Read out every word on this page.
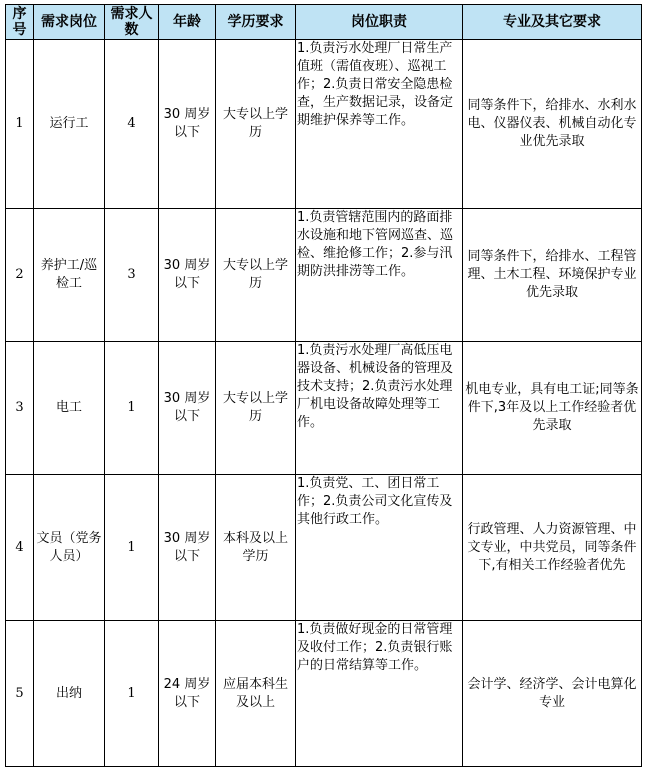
序号	需求岗位	需求人数	年龄	学历要求	岗位职责	专业及其它要求
1	运行工	4	30 周岁以下	大专以上学历	1.负责污水处理厂日常生产值班（需值夜班）、巡视工作；2.负责日常安全隐患检查，生产数据记录，设备定期维护保养等工作。	同等条件下，给排水、水利水电、仪器仪表、机械自动化专业优先录取
2	养护工/巡检工	3	30 周岁以下	大专以上学历	1.负责管辖范围内的路面排水设施和地下管网巡查、巡检、维抢修工作；2.参与汛期防洪排涝等工作。	同等条件下，给排水、工程管理、土木工程、环境保护专业优先录取
3	电工	1	30 周岁以下	大专以上学历	1.负责污水处理厂高低压电器设备、机械设备的管理及技术支持；2.负责污水处理厂机电设备故障处理等工作。	机电专业，具有电工证;同等条件下,3年及以上工作经验者优先录取
4	文员（党务人员）	1	30 周岁以下	本科及以上学历	1.负责党、工、团日常工作；2.负责公司文化宣传及其他行政工作。	行政管理、人力资源管理、中文专业，中共党员，同等条件下,有相关工作经验者优先
5	出纳	1	24 周岁以下	应届本科生及以上	1.负责做好现金的日常管理及收付工作；2.负责银行账户的日常结算等工作。	会计学、经济学、会计电算化专业
